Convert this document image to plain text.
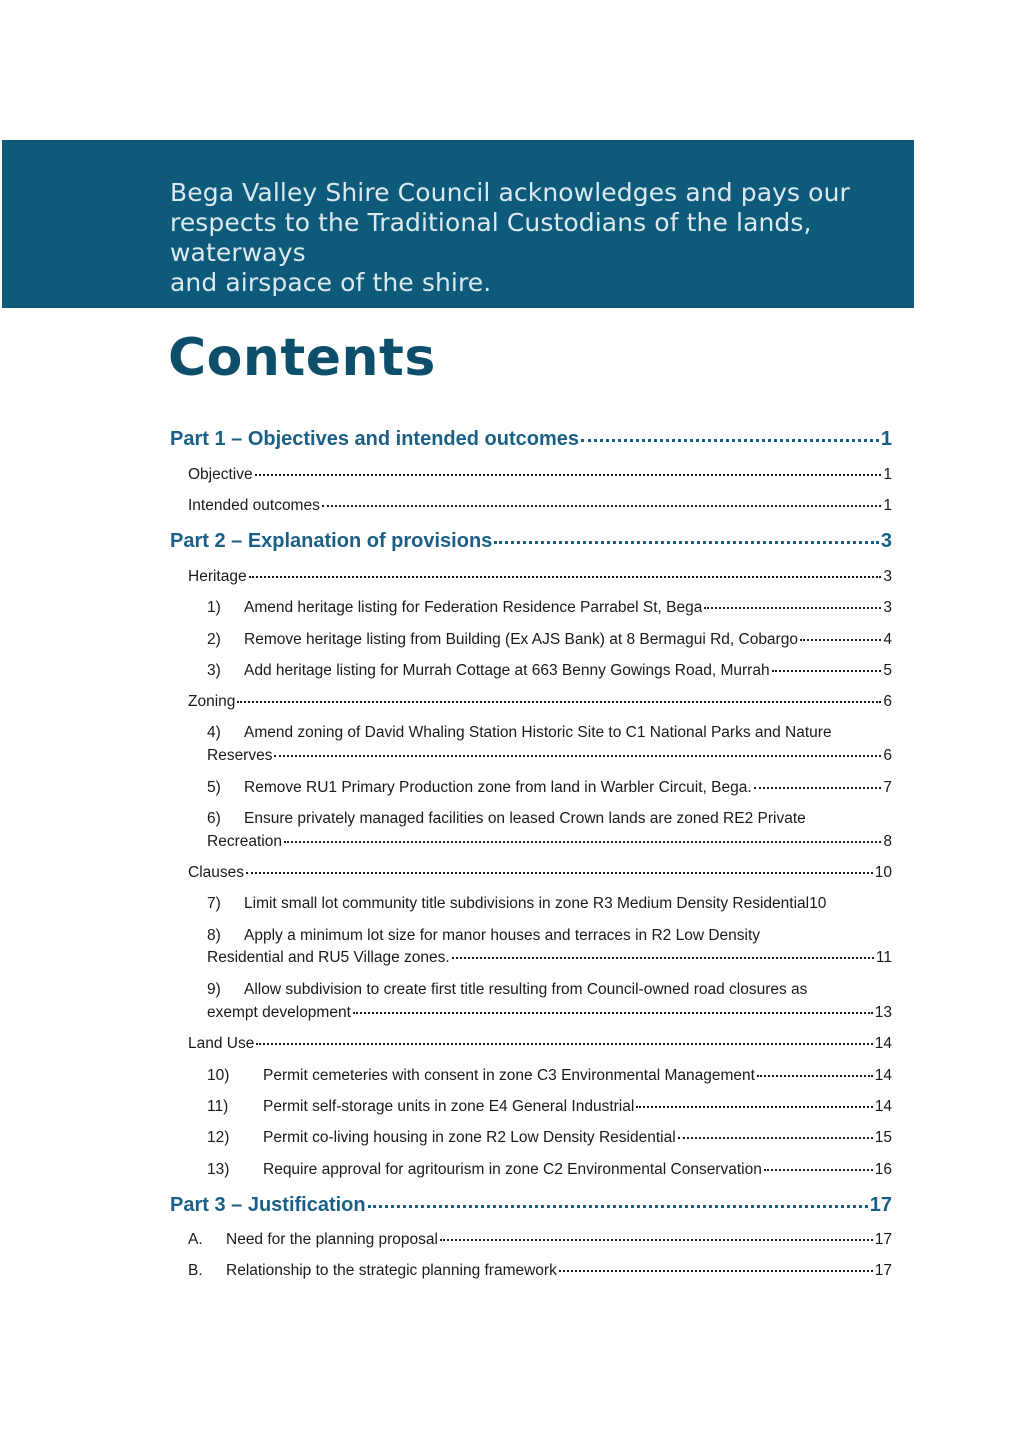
Bega Valley Shire Council acknowledges and pays our
respects to the Traditional Custodians of the lands, waterways
and airspace of the shire.
Contents
Part 1 – Objectives and intended outcomes	1
Objective	1
Intended outcomes	1
Part 2 – Explanation of provisions	3
Heritage	3
1)	Amend heritage listing for Federation Residence Parrabel St, Bega	3
2)	Remove heritage listing from Building (Ex AJS Bank) at 8 Bermagui Rd, Cobargo	4
3)	Add heritage listing for Murrah Cottage at 663 Benny Gowings Road, Murrah	5
Zoning	6
4) Amend zoning of David Whaling Station Historic Site to C1 National Parks and Nature
Reserves	6
5)	Remove RU1 Primary Production zone from land in Warbler Circuit, Bega.	7
6) Ensure privately managed facilities on leased Crown lands are zoned RE2 Private
Recreation	8
Clauses	10
7)	Limit small lot community title subdivisions in zone R3 Medium Density Residential 10
8) Apply a minimum lot size for manor houses and terraces in R2 Low Density
Residential and RU5 Village zones.	11
9) Allow subdivision to create first title resulting from Council-owned road closures as
exempt development	13
Land Use	14
10)	Permit cemeteries with consent in zone C3 Environmental Management	14
11)	Permit self-storage units in zone E4 General Industrial	14
12)	Permit co-living housing in zone R2 Low Density Residential	15
13)	Require approval for agritourism in zone C2 Environmental Conservation	16
Part 3 – Justification	17
A.	Need for the planning proposal	17
B.	Relationship to the strategic planning framework	17
